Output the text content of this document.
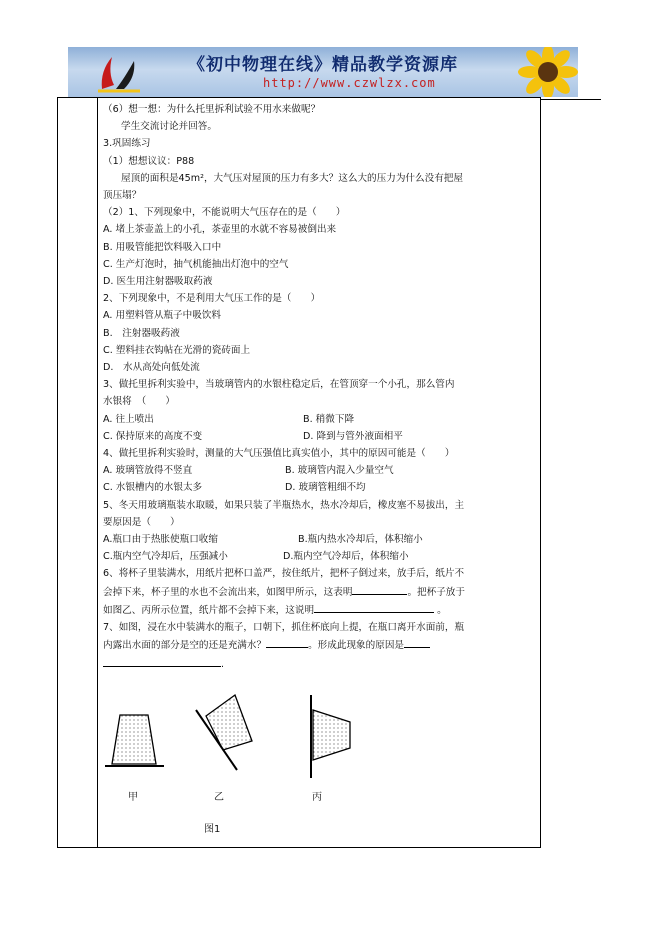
《初中物理在线》精品教学资源库
http://www.czwlzx.com

（6）想一想：为什么托里拆利试验不用水来做呢？

学生交流讨论并回答。

3.巩固练习

（1）想想议议：P88

屋顶的面积是45m²，大气压对屋顶的压力有多大？这么大的压力为什么没有把屋

顶压塌？

（2）1、下列现象中，不能说明大气压存在的是（　　）

A. 堵上茶壶盖上的小孔，茶壶里的水就不容易被倒出来

B. 用吸管能把饮料吸入口中

C. 生产灯泡时，抽气机能抽出灯泡中的空气

D. 医生用注射器吸取药液

2、下列现象中，不是利用大气压工作的是（　　）

A. 用塑料管从瓶子中吸饮料

B.　注射器吸药液

C. 塑料挂衣钩帖在光滑的瓷砖面上

D.　水从高处向低处流

3、做托里拆利实验中，当玻璃管内的水银柱稳定后，在管顶穿一个小孔，那么管内

水银将　（　　）

A. 往上喷出	B. 稍微下降

C. 保持原来的高度不变	D. 降到与管外液面相平

4、做托里拆利实验时，测量的大气压强值比真实值小，其中的原因可能是（　　）

A. 玻璃管放得不竖直	B. 玻璃管内混入少量空气

C. 水银槽内的水银太多	D. 玻璃管粗细不均

5、冬天用玻璃瓶装水取暖，如果只装了半瓶热水，热水冷却后，橡皮塞不易拔出，主

要原因是（　　）

A.瓶口由于热胀使瓶口收缩	B.瓶内热水冷却后，体积缩小

C.瓶内空气冷却后，压强减小	D.瓶内空气冷却后，体积缩小

6、将杯子里装满水，用纸片把杯口盖严，按住纸片，把杯子倒过来，放手后，纸片不

会掉下来，杯子里的水也不会流出来，如图甲所示，这表明	。把杯子放于

如图乙、丙所示位置，纸片都不会掉下来，这说明	。

7、如图，浸在水中装满水的瓶子，口朝下，抓住杯底向上提，在瓶口离开水面前，瓶

内露出水面的部分是空的还是充满水？	。形成此现象的原因是

.

甲	乙	丙
图1
